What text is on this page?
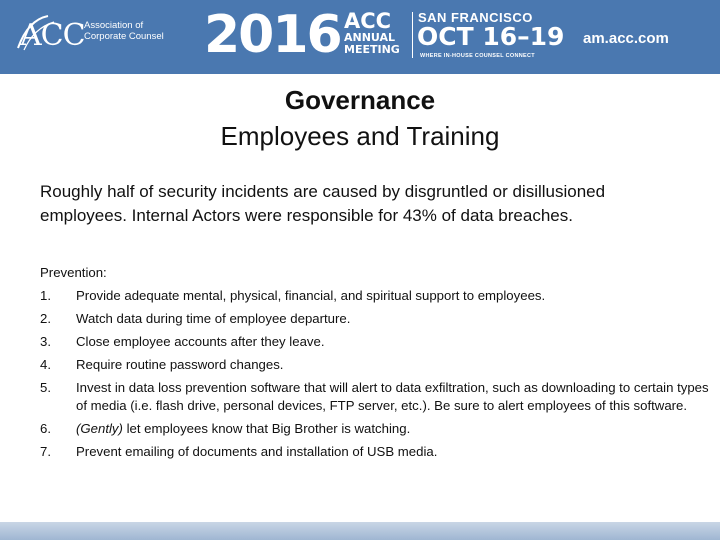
ACC Association of
Corporate Counsel 2016 ACC
ANNUAL
MEETING
SAN FRANCISCO
OCT 16–19
WHERE IN-HOUSE COUNSEL CONNECT
am.acc.com
Governance
Employees and Training
Roughly half of security incidents are caused by disgruntled or disillusioned employees. Internal Actors were responsible for 43% of data breaches.
Prevention:
1. Provide adequate mental, physical, financial, and spiritual support to employees.
2. Watch data during time of employee departure.
3. Close employee accounts after they leave.
4. Require routine password changes.
5. Invest in data loss prevention software that will alert to data exfiltration, such as downloading to certain types of media (i.e. flash drive, personal devices, FTP server, etc.). Be sure to alert employees of this software.
6. (Gently) let employees know that Big Brother is watching.
7. Prevent emailing of documents and installation of USB media.
